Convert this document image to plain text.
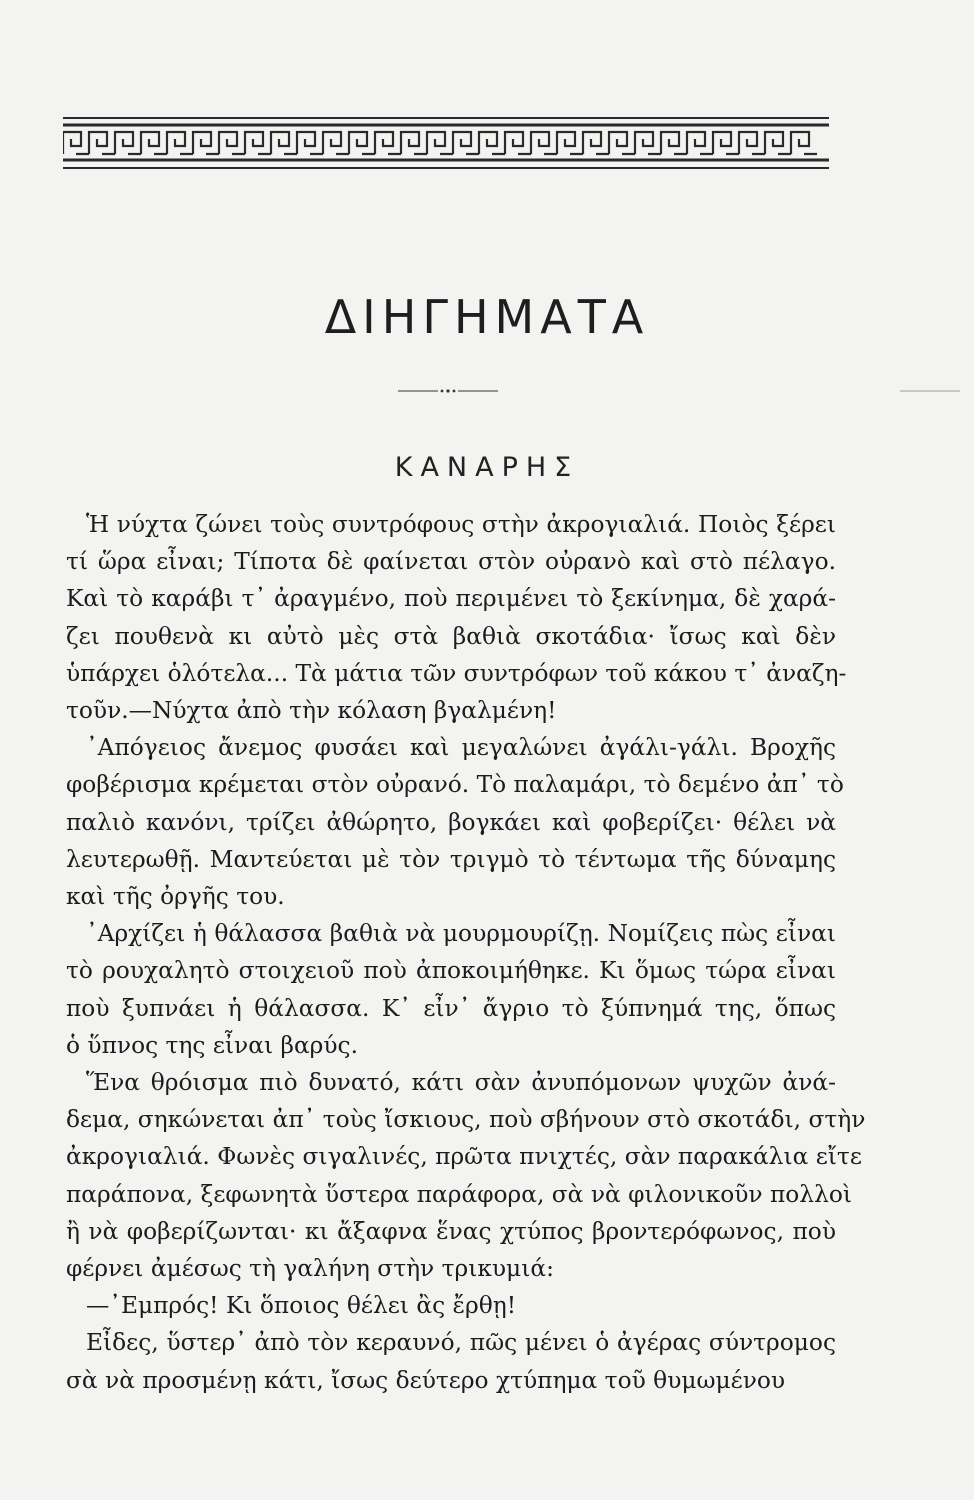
ΔΙΗΓΗΜΑΤΑ
ΚΑΝΑΡΗΣ
Ἡ νύχτα ζώνει τοὺς συντρόφους στὴν ἀκρογιαλιά. Ποιὸς ξέρει
τί ὥρα εἶναι; Τίποτα δὲ φαίνεται στὸν οὐρανὸ καὶ στὸ πέλαγο.
Καὶ τὸ καράβι τ᾿ ἀραγμένο, ποὺ περιμένει τὸ ξεκίνημα, δὲ χαρά-
ζει πουθενὰ κι αὐτὸ μὲς στὰ βαθιὰ σκοτάδια· ἴσως καὶ δὲν
ὑπάρχει ὁλότελα... Τὰ μάτια τῶν συντρόφων τοῦ κάκου τ᾿ ἀναζη-
τοῦν.—Νύχτα ἀπὸ τὴν κόλαση βγαλμένη!
᾿Απόγειος ἄνεμος φυσάει καὶ μεγαλώνει ἀγάλι-γάλι. Βροχῆς
φοβέρισμα κρέμεται στὸν οὐρανό. Τὸ παλαμάρι, τὸ δεμένο ἀπ᾿ τὸ
παλιὸ κανόνι, τρίζει ἀθώρητο, βογκάει καὶ φοβερίζει· θέλει νὰ
λευτερωθῇ. Μαντεύεται μὲ τὸν τριγμὸ τὸ τέντωμα τῆς δύναμης
καὶ τῆς ὀργῆς του.
᾿Αρχίζει ἡ θάλασσα βαθιὰ νὰ μουρμουρίζῃ. Νομίζεις πὼς εἶναι
τὸ ρουχαλητὸ στοιχειοῦ ποὺ ἀποκοιμήθηκε. Κι ὅμως τώρα εἶναι
ποὺ ξυπνάει ἡ θάλασσα. Κ᾿ εἶν᾿ ἄγριο τὸ ξύπνημά της, ὅπως
ὁ ὕπνος της εἶναι βαρύς.
Ἕνα θρόισμα πιὸ δυνατό, κάτι σὰν ἀνυπόμονων ψυχῶν ἀνά-
δεμα, σηκώνεται ἀπ᾿ τοὺς ἴσκιους, ποὺ σβήνουν στὸ σκοτάδι, στὴν
ἀκρογιαλιά. Φωνὲς σιγαλινές, πρῶτα πνιχτές, σὰν παρακάλια εἴτε
παράπονα, ξεφωνητὰ ὕστερα παράφορα, σὰ νὰ φιλονικοῦν πολλοὶ
ἢ νὰ φοβερίζωνται· κι ἄξαφνα ἕνας χτύπος βροντερόφωνος, ποὺ
φέρνει ἀμέσως τὴ γαλήνη στὴν τρικυμιά:
—᾿Εμπρός! Κι ὅποιος θέλει ἂς ἔρθῃ!
Εἶδες, ὕστερ᾿ ἀπὸ τὸν κεραυνό, πῶς μένει ὁ ἀγέρας σύντρομος
σὰ νὰ προσμένῃ κάτι, ἴσως δεύτερο χτύπημα τοῦ θυμωμένου
